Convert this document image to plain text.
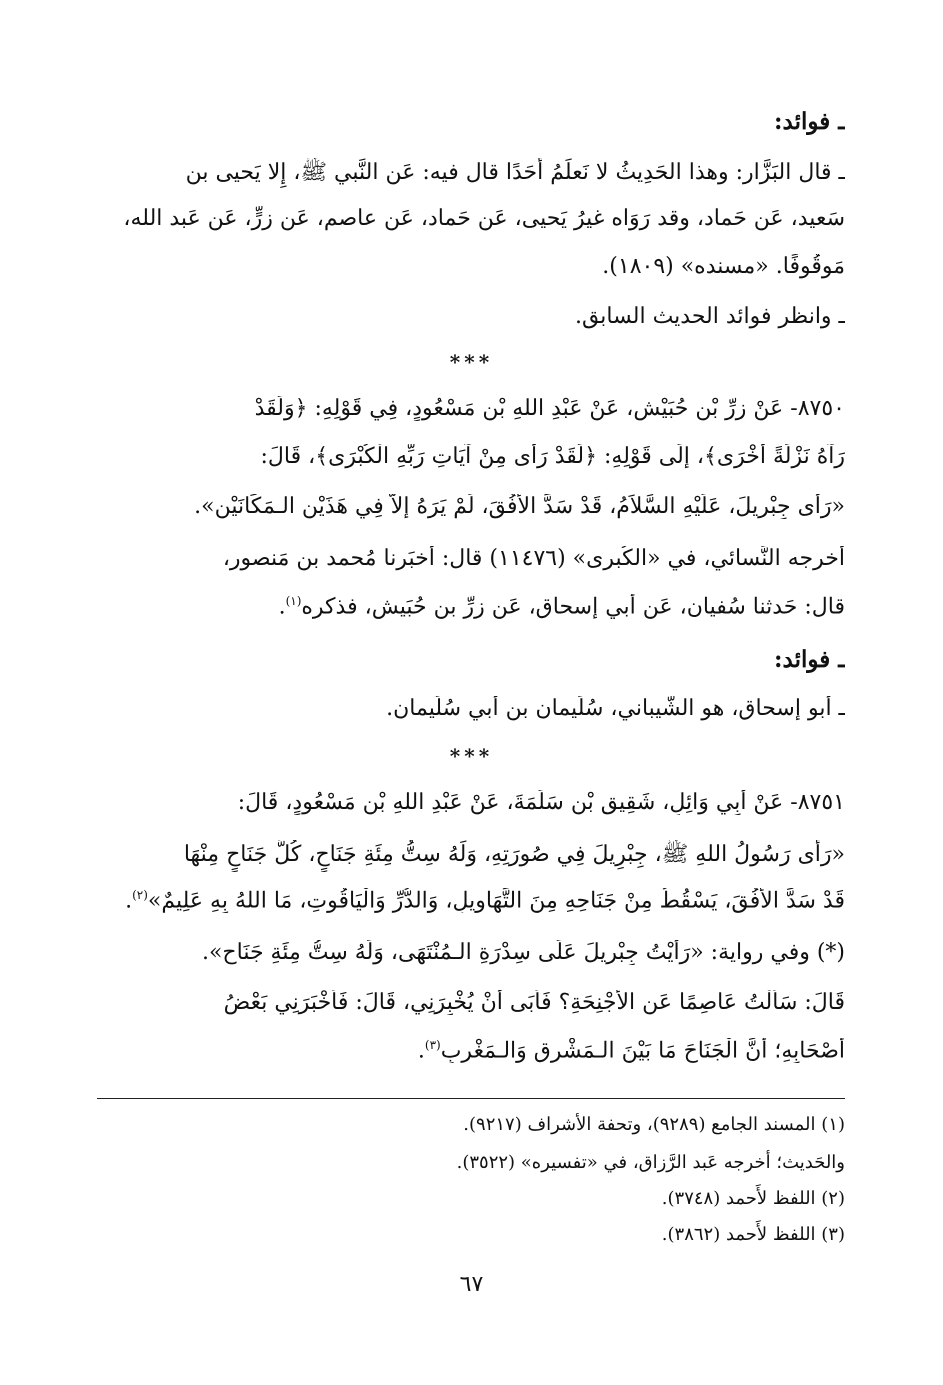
ـ فوائد:
ـ قال البَزَّار: وهذا الحَدِيثُ لا نَعلَمُ أَحَدًا قال فيه: عَن النَّبي ﷺ، إِلا يَحيى بن
سَعيد، عَن حَماد، وقد رَوَاه غيرُ يَحيى، عَن حَماد، عَن عاصم، عَن زِرٍّ، عَن عَبد الله،
مَوقُوفًا. «مسنده» (١٨٠٩).
ـ وانظر فوائد الحديث السابق.
***
٨٧٥٠- عَنْ زِرِّ بْنِ حُبَيْشٍ، عَنْ عَبْدِ اللهِ بْنِ مَسْعُودٍ، فِي قَوْلِهِ: ﴿وَلَقَدْ
رَآهُ نَزْلَةً أُخْرَى﴾، إِلَى قَوْلِهِ: ﴿لَقَدْ رَأَى مِنْ آيَاتِ رَبِّهِ الْكُبْرَى﴾، قَالَ:
«رَأَى جِبْرِيلَ، عَلَيْهِ السَّلاَمُ، قَدْ سَدَّ الأُفُقَ، لَمْ يَرَهُ إِلاَّ فِي هَذَيْنِ الـمَكَانَيْنِ».
أَخرجه النَّسائي، في «الكُبرى» (١١٤٧٦) قال: أَخبَرنا مُحمد بن مَنصور،
قال: حَدثنا سُفيان، عَن أَبي إِسحاق، عَن زِرِّ بن حُبَيش، فذكره$^{(١)}$.
ـ فوائد:
ـ أَبو إِسحاق، هو الشَّيباني، سُلَيمان بن أَبي سُلَيمان.
***
٨٧٥١- عَنْ أَبِي وَائِلٍ، شَقِيقِ بْنِ سَلَمَةَ، عَنْ عَبْدِ اللهِ بْنِ مَسْعُودٍ، قَالَ:
«رَأَى رَسُولُ اللهِ ﷺ، جِبْرِيلَ فِي صُورَتِهِ، وَلَهُ سِتُّ مِئَةِ جَنَاحٍ، كُلُّ جَنَاحٍ مِنْهَا
قَدْ سَدَّ الأُفُقَ، يَسْقُطُ مِنْ جَنَاحِهِ مِنَ التَّهَاوِيلِ، وَالدُّرِّ وَالْيَاقُوتِ، مَا اللهُ بِهِ عَلِيمٌ»$^{(٢)}$.
(*) وفي رواية: «رَأَيْتُ جِبْرِيلَ عَلَى سِدْرَةِ الـمُنْتَهَى، وَلَهُ سِتُّ مِئَةِ جَنَاحٍ».
قَالَ: سَأَلْتُ عَاصِمًا عَنِ الأَجْنِحَةِ؟ فَأَبَى أَنْ يُخْبِرَنِي، قَالَ: فَأَخْبَرَنِي بَعْضُ
أَصْحَابِهِ؛ أَنَّ الْجَنَاحَ مَا بَيْنَ الـمَشْرِقِ وَالـمَغْرِبِ$^{(٣)}$.
(١) المسند الجامع (٩٢٨٩)، وتحفة الأشراف (٩٢١٧).
والحَديث؛ أخرجه عَبد الرَّزاق، في «تفسيره» (٣٥٢٢).
(٢) اللفظ لأَحمد (٣٧٤٨).
(٣) اللفظ لأَحمد (٣٨٦٢).
٦٧
